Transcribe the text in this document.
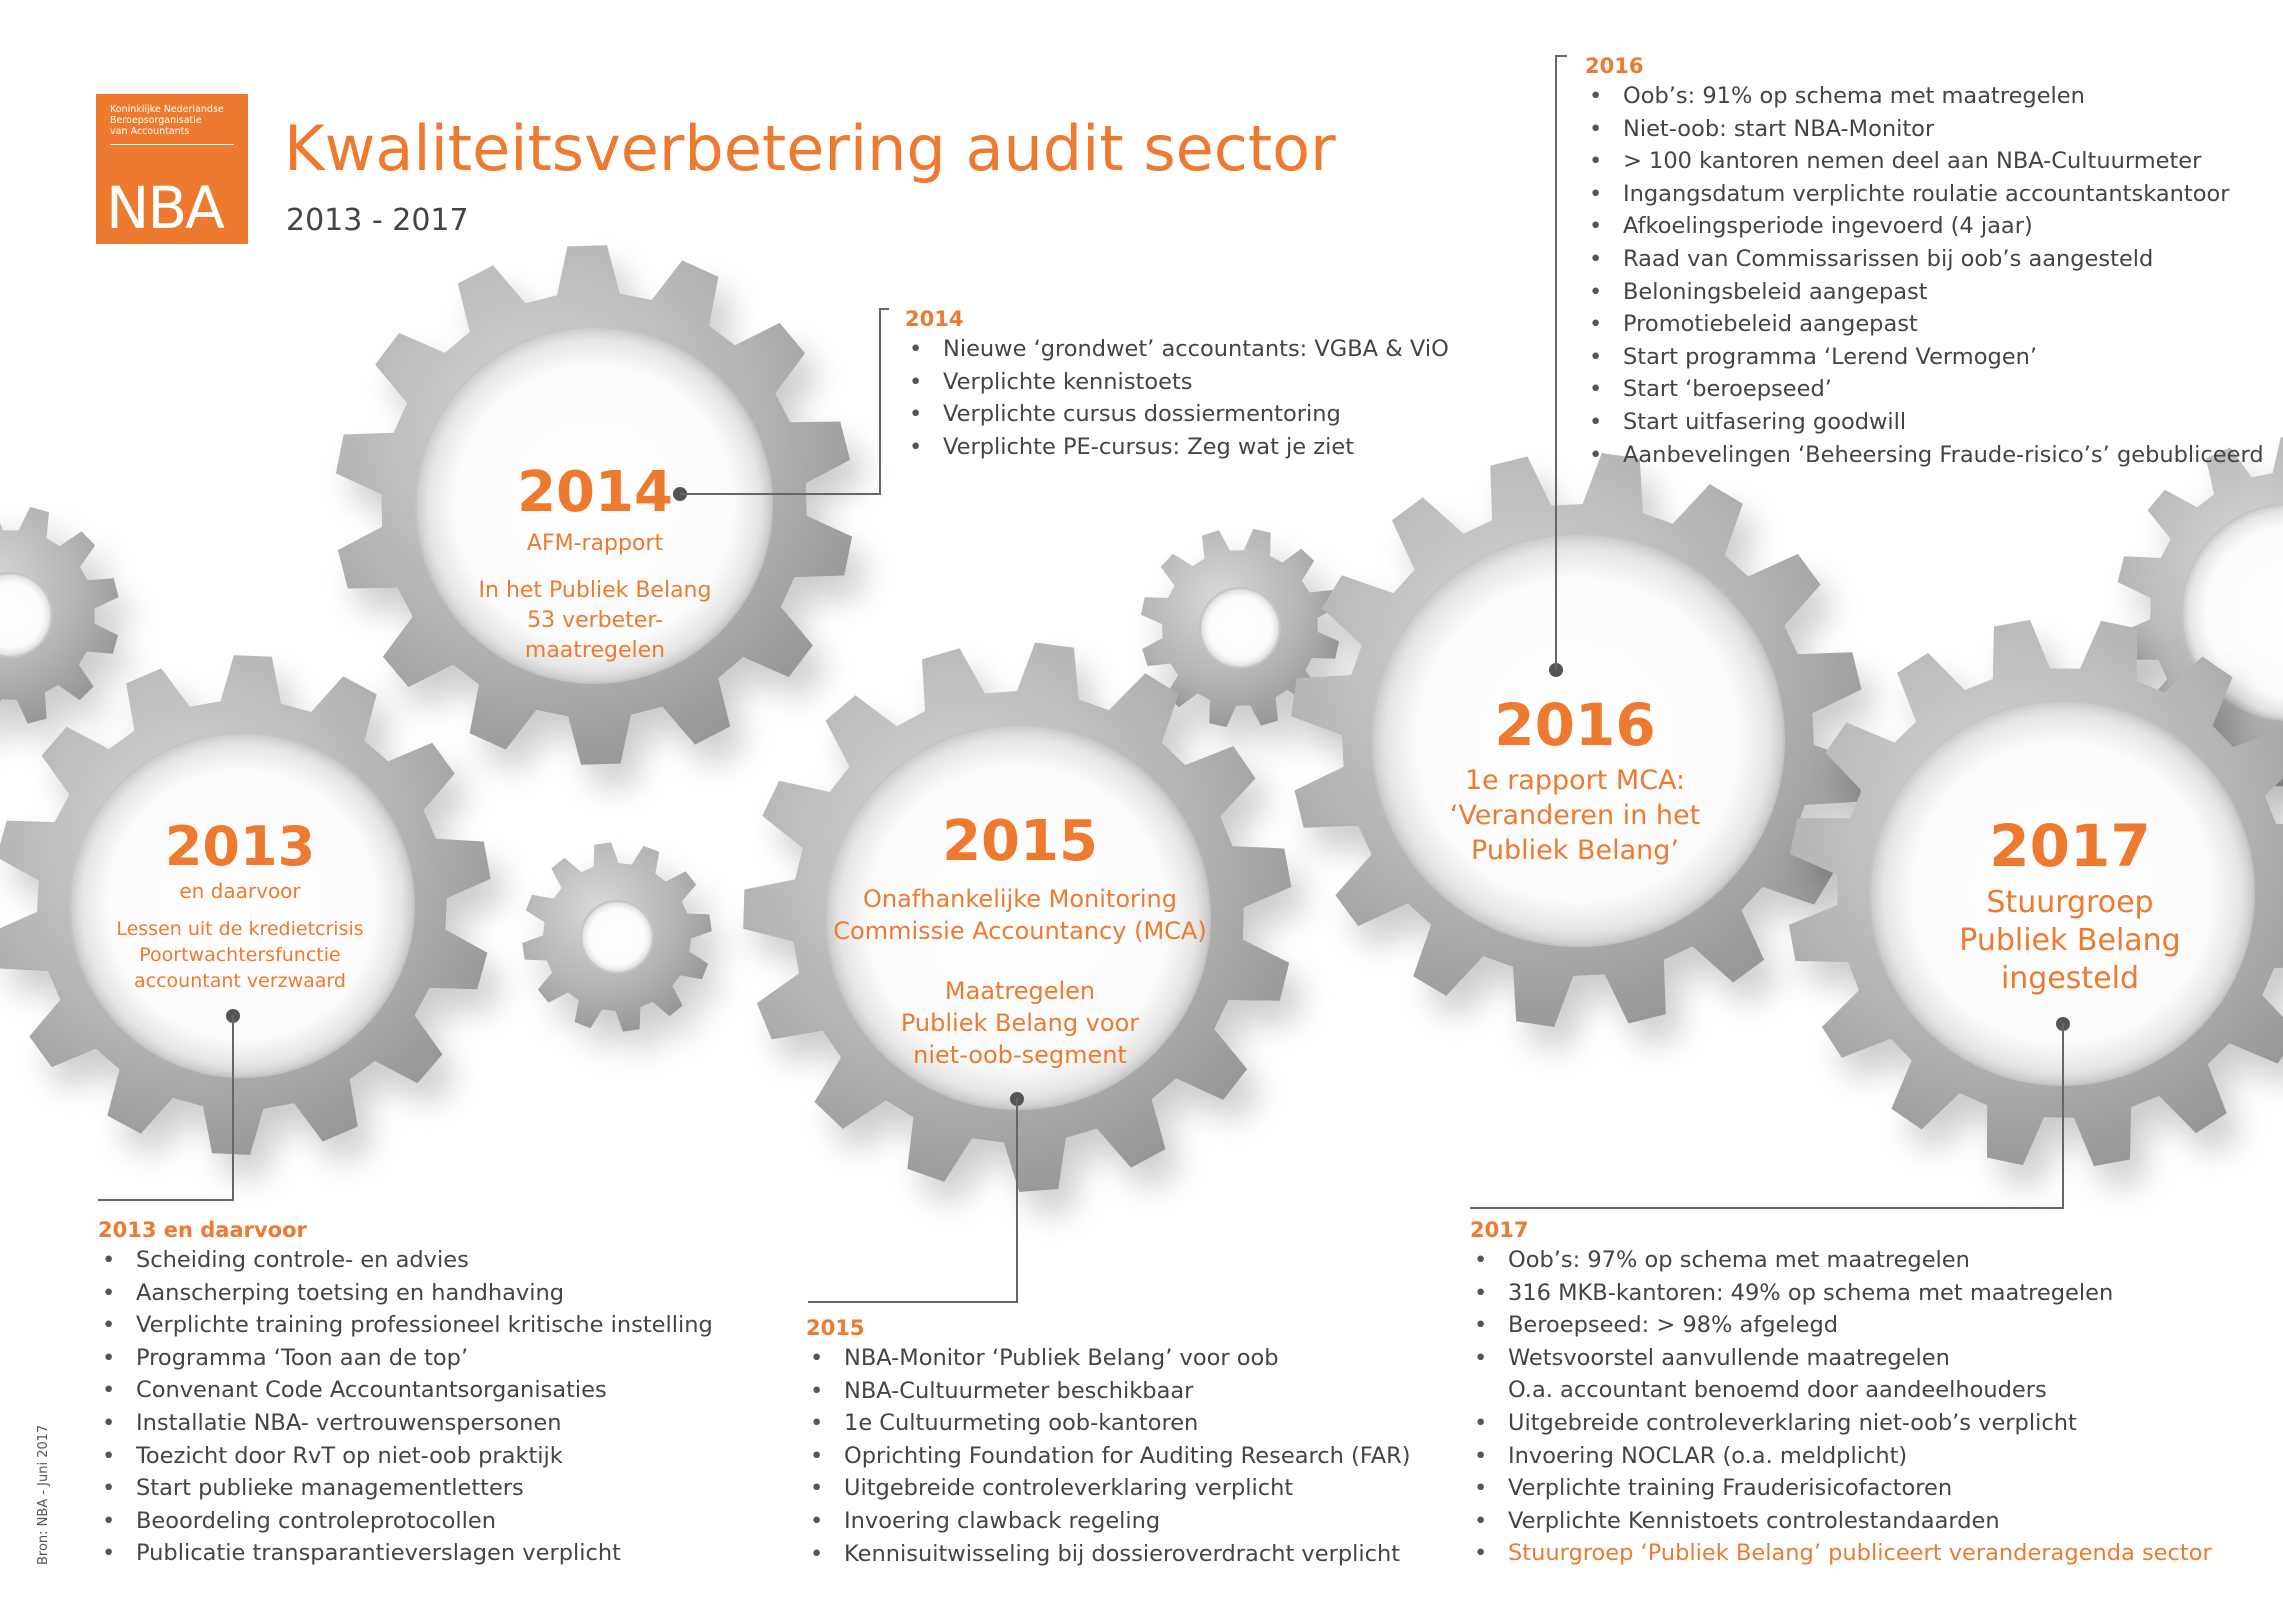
Koninklijke Nederlandse
Beroepsorganisatie
van Accountants
NBA
Kwaliteitsverbetering audit sector
2013 - 2017
Bron: NBA - Juni 2017
2013
en daarvoor
Lessen uit de kredietcrisis
Poortwachtersfunctie
accountant verzwaard
2014
AFM-rapport
In het Publiek Belang
53 verbeter-
maatregelen
2015
Onafhankelijke Monitoring
Commissie Accountancy (MCA)
Maatregelen
Publiek Belang voor
niet-oob-segment
2016
1e rapport MCA:
‘Veranderen in het
Publiek Belang’	2017
Stuurgroep
Publiek Belang
ingesteld
2014
• Nieuwe ‘grondwet’ accountants: VGBA & ViO
• Verplichte kennistoets
• Verplichte cursus dossiermentoring
• Verplichte PE-cursus: Zeg wat je ziet
2016
• Oob’s: 91% op schema met maatregelen
• Niet-oob: start NBA-Monitor
• > 100 kantoren nemen deel aan NBA-Cultuurmeter
• Ingangsdatum verplichte roulatie accountantskantoor
• Afkoelingsperiode ingevoerd (4 jaar)
• Raad van Commissarissen bij oob’s aangesteld
• Beloningsbeleid aangepast
• Promotiebeleid aangepast
• Start programma ‘Lerend Vermogen’
• Start ‘beroepseed’
• Start uitfasering goodwill
• Aanbevelingen ‘Beheersing Fraude-risico’s’ gebubliceerd
2013 en daarvoor
• Scheiding controle- en advies
• Aanscherping toetsing en handhaving
• Verplichte training professioneel kritische instelling
• Programma ‘Toon aan de top’
• Convenant Code Accountantsorganisaties
• Installatie NBA- vertrouwenspersonen
• Toezicht door RvT op niet-oob praktijk
• Start publieke managementletters
• Beoordeling controleprotocollen
• Publicatie transparantieverslagen verplicht
2015
• NBA-Monitor ‘Publiek Belang’ voor oob
• NBA-Cultuurmeter beschikbaar
• 1e Cultuurmeting oob-kantoren
• Oprichting Foundation for Auditing Research (FAR)
• Uitgebreide controleverklaring verplicht
• Invoering clawback regeling
• Kennisuitwisseling bij dossieroverdracht verplicht
2017
• Oob’s: 97% op schema met maatregelen
• 316 MKB-kantoren: 49% op schema met maatregelen
• Beroepseed: > 98% afgelegd
• Wetsvoorstel aanvullende maatregelen
O.a. accountant benoemd door aandeelhouders
• Uitgebreide controleverklaring niet-oob’s verplicht
• Invoering NOCLAR (o.a. meldplicht)
• Verplichte training Frauderisicofactoren
• Verplichte Kennistoets controlestandaarden
• Stuurgroep ‘Publiek Belang’ publiceert veranderagenda sector
